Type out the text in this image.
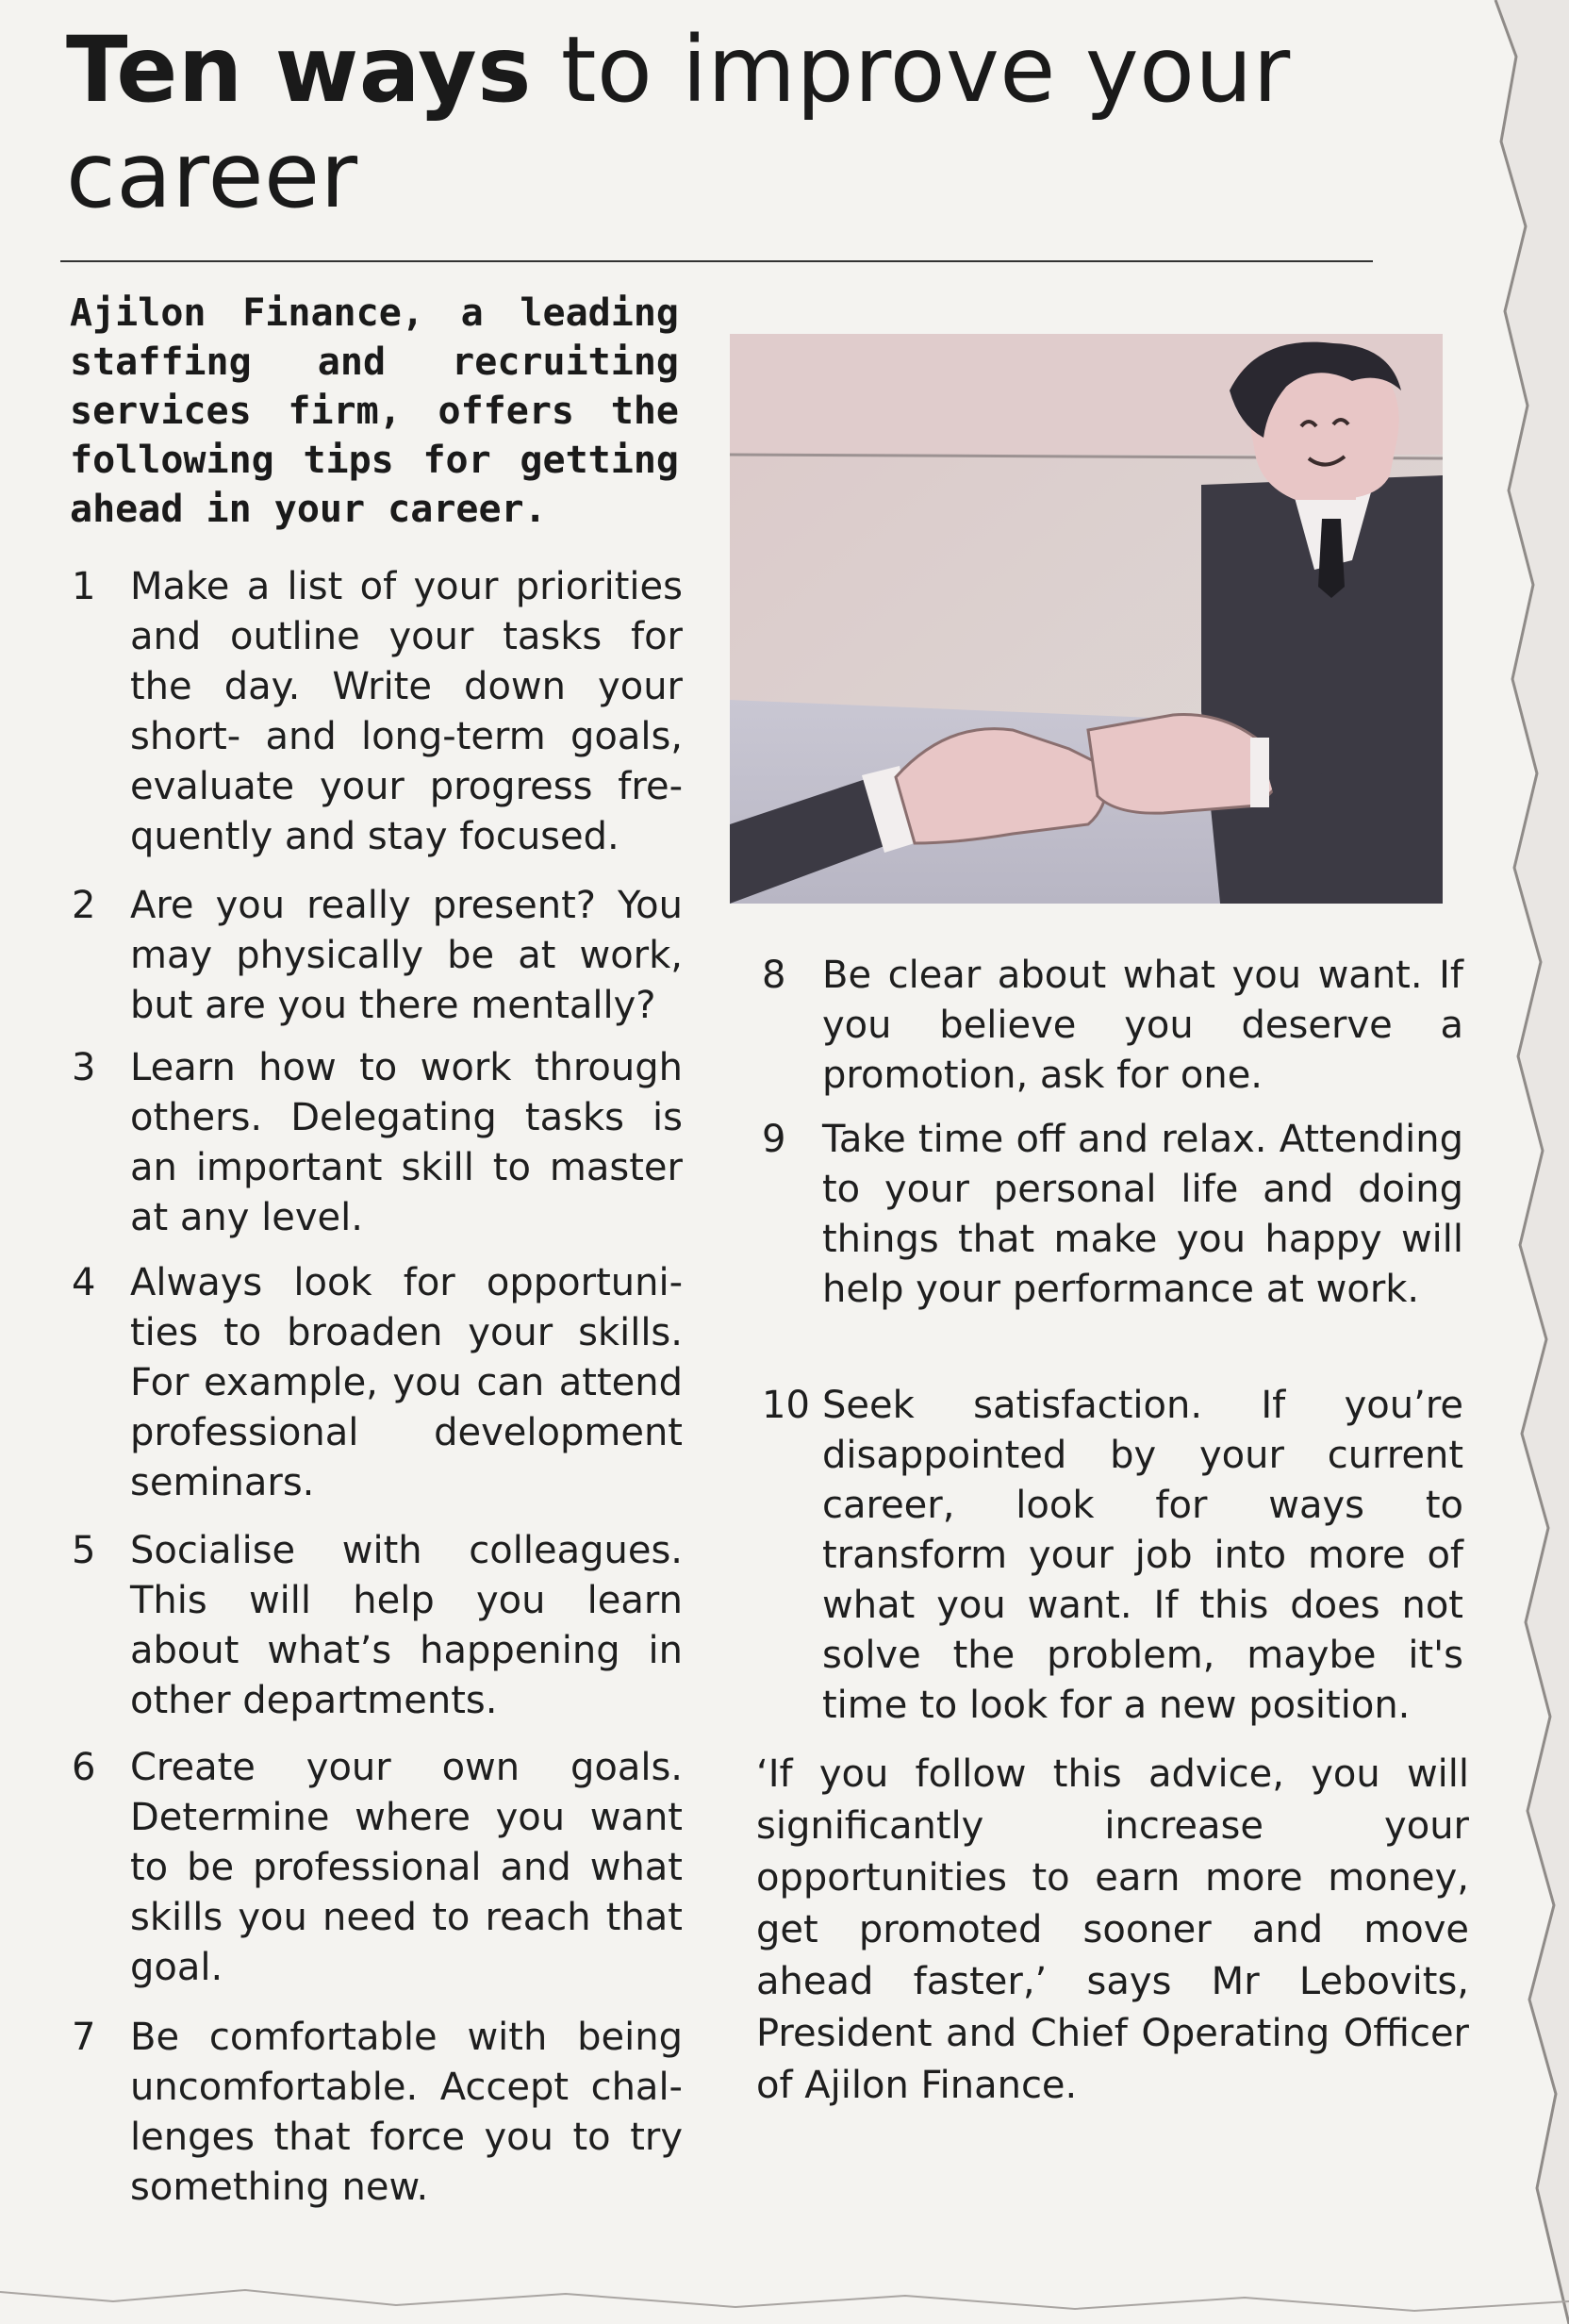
Ten ways to improve your career
Ajilon Finance, a leading staffing and recruiting services firm, offers the following tips for getting ahead in your career.
1 Make a list of your priorities and outline your tasks for the day. Write down your short- and long-term goals, evaluate your progress fre-quently and stay focused.
2 Are you really present? You may physically be at work, but are you there mentally?
3 Learn how to work through others. Delegating tasks is an important skill to master at any level.
4 Always look for opportuni-ties to broaden your skills. For example, you can attend professional development seminars.
5 Socialise with colleagues. This will help you learn about what’s happening in other departments.
6 Create your own goals. Determine where you want to be professional and what skills you need to reach that goal.
7 Be comfortable with being uncomfortable. Accept chal-lenges that force you to try something new.
8 Be clear about what you want. If you believe you deserve a promotion, ask for one.
9 Take time off and relax. Attending to your personal life and doing things that make you happy will help your performance at work.
10 Seek satisfaction. If you’re disappointed by your current career, look for ways to transform your job into more of what you want. If this does not solve the problem, maybe it's time to look for a new position.
‘If you follow this advice, you will significantly increase your opportunities to earn more money, get promoted sooner and move ahead faster,’ says Mr Lebovits, President and Chief Operating Officer of Ajilon Finance.
